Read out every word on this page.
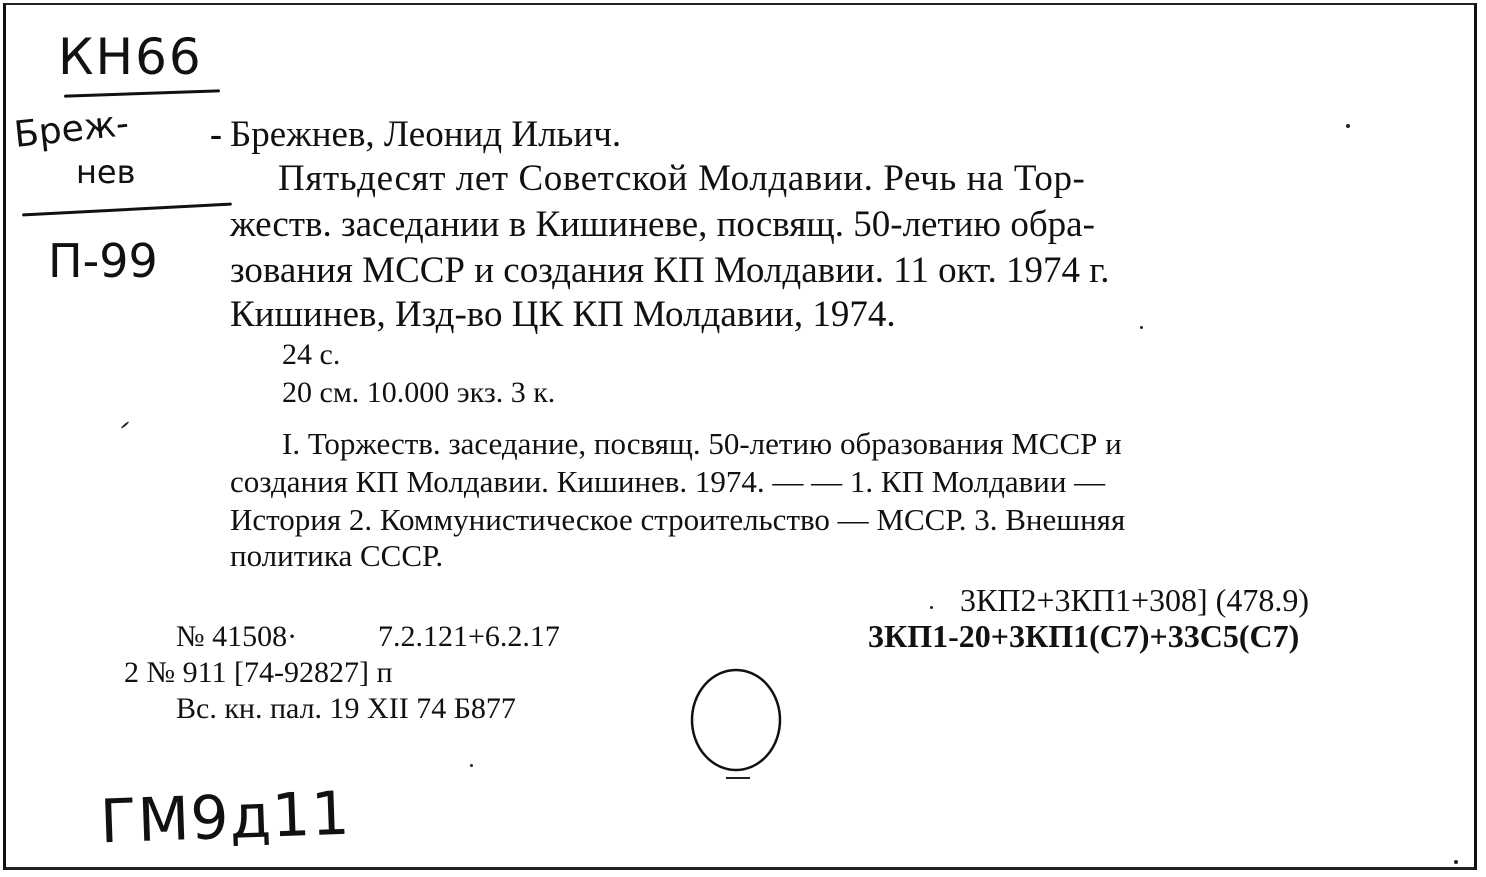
КН66
Бреж-
нев
П-99
ГМ9д11
- Брежнев, Леонид Ильич.
Пятьдесят лет Советской Молдавии. Речь на Тор-
жеств. заседании в Кишиневе, посвящ. 50-летию обра-
зования МССР и создания КП Молдавии. 11 окт. 1974 г.
Кишинев, Изд-во ЦК КП Молдавии, 1974.
24 с.
20 см. 10.000 экз. 3 к.
I. Торжеств. заседание, посвящ. 50-летию образования МССР и
создания КП Молдавии. Кишинев. 1974. — — 1. КП Молдавии —
История 2. Коммунистическое строительство — МССР. 3. Внешняя
политика СССР.
3КП2+3КП1+308] (478.9)
3КП1-20+3КП1(С7)+33С5(С7)
№ 41508·	7.2.121+6.2.17
2 № 911 [74-92827] п
Вс. кн. пал. 19 XII 74 Б877
